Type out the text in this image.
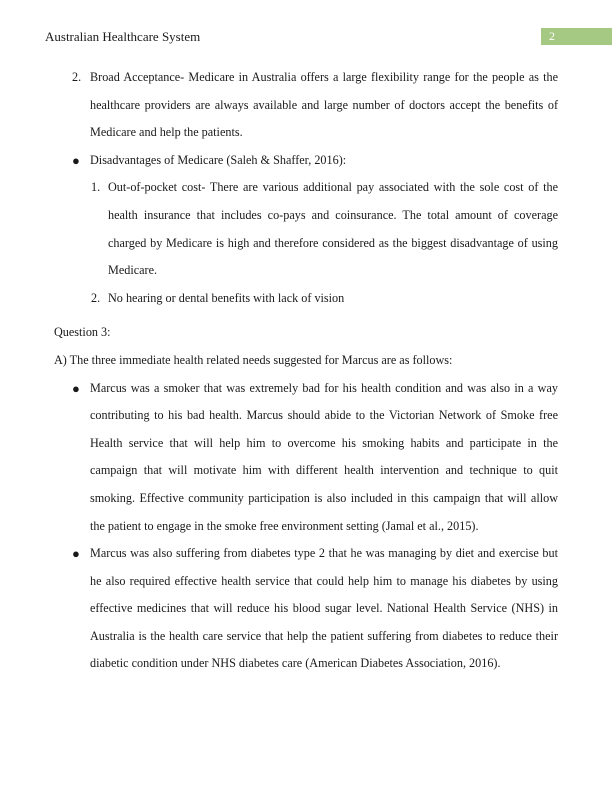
Australian Healthcare System	2
2. Broad Acceptance- Medicare in Australia offers a large flexibility range for the people as the healthcare providers are always available and large number of doctors accept the benefits of Medicare and help the patients.

● Disadvantages of Medicare (Saleh & Shaffer, 2016):

1. Out-of-pocket cost- There are various additional pay associated with the sole cost of the health insurance that includes co-pays and coinsurance. The total amount of coverage charged by Medicare is high and therefore considered as the biggest disadvantage of using Medicare.

2. No hearing or dental benefits with lack of vision

Question 3:

A) The three immediate health related needs suggested for Marcus are as follows:

● Marcus was a smoker that was extremely bad for his health condition and was also in a way contributing to his bad health. Marcus should abide to the Victorian Network of Smoke free Health service that will help him to overcome his smoking habits and participate in the campaign that will motivate him with different health intervention and technique to quit smoking. Effective community participation is also included in this campaign that will allow the patient to engage in the smoke free environment setting (Jamal et al., 2015).

● Marcus was also suffering from diabetes type 2 that he was managing by diet and exercise but he also required effective health service that could help him to manage his diabetes by using effective medicines that will reduce his blood sugar level. National Health Service (NHS) in Australia is the health care service that help the patient suffering from diabetes to reduce their diabetic condition under NHS diabetes care (American Diabetes Association, 2016).
